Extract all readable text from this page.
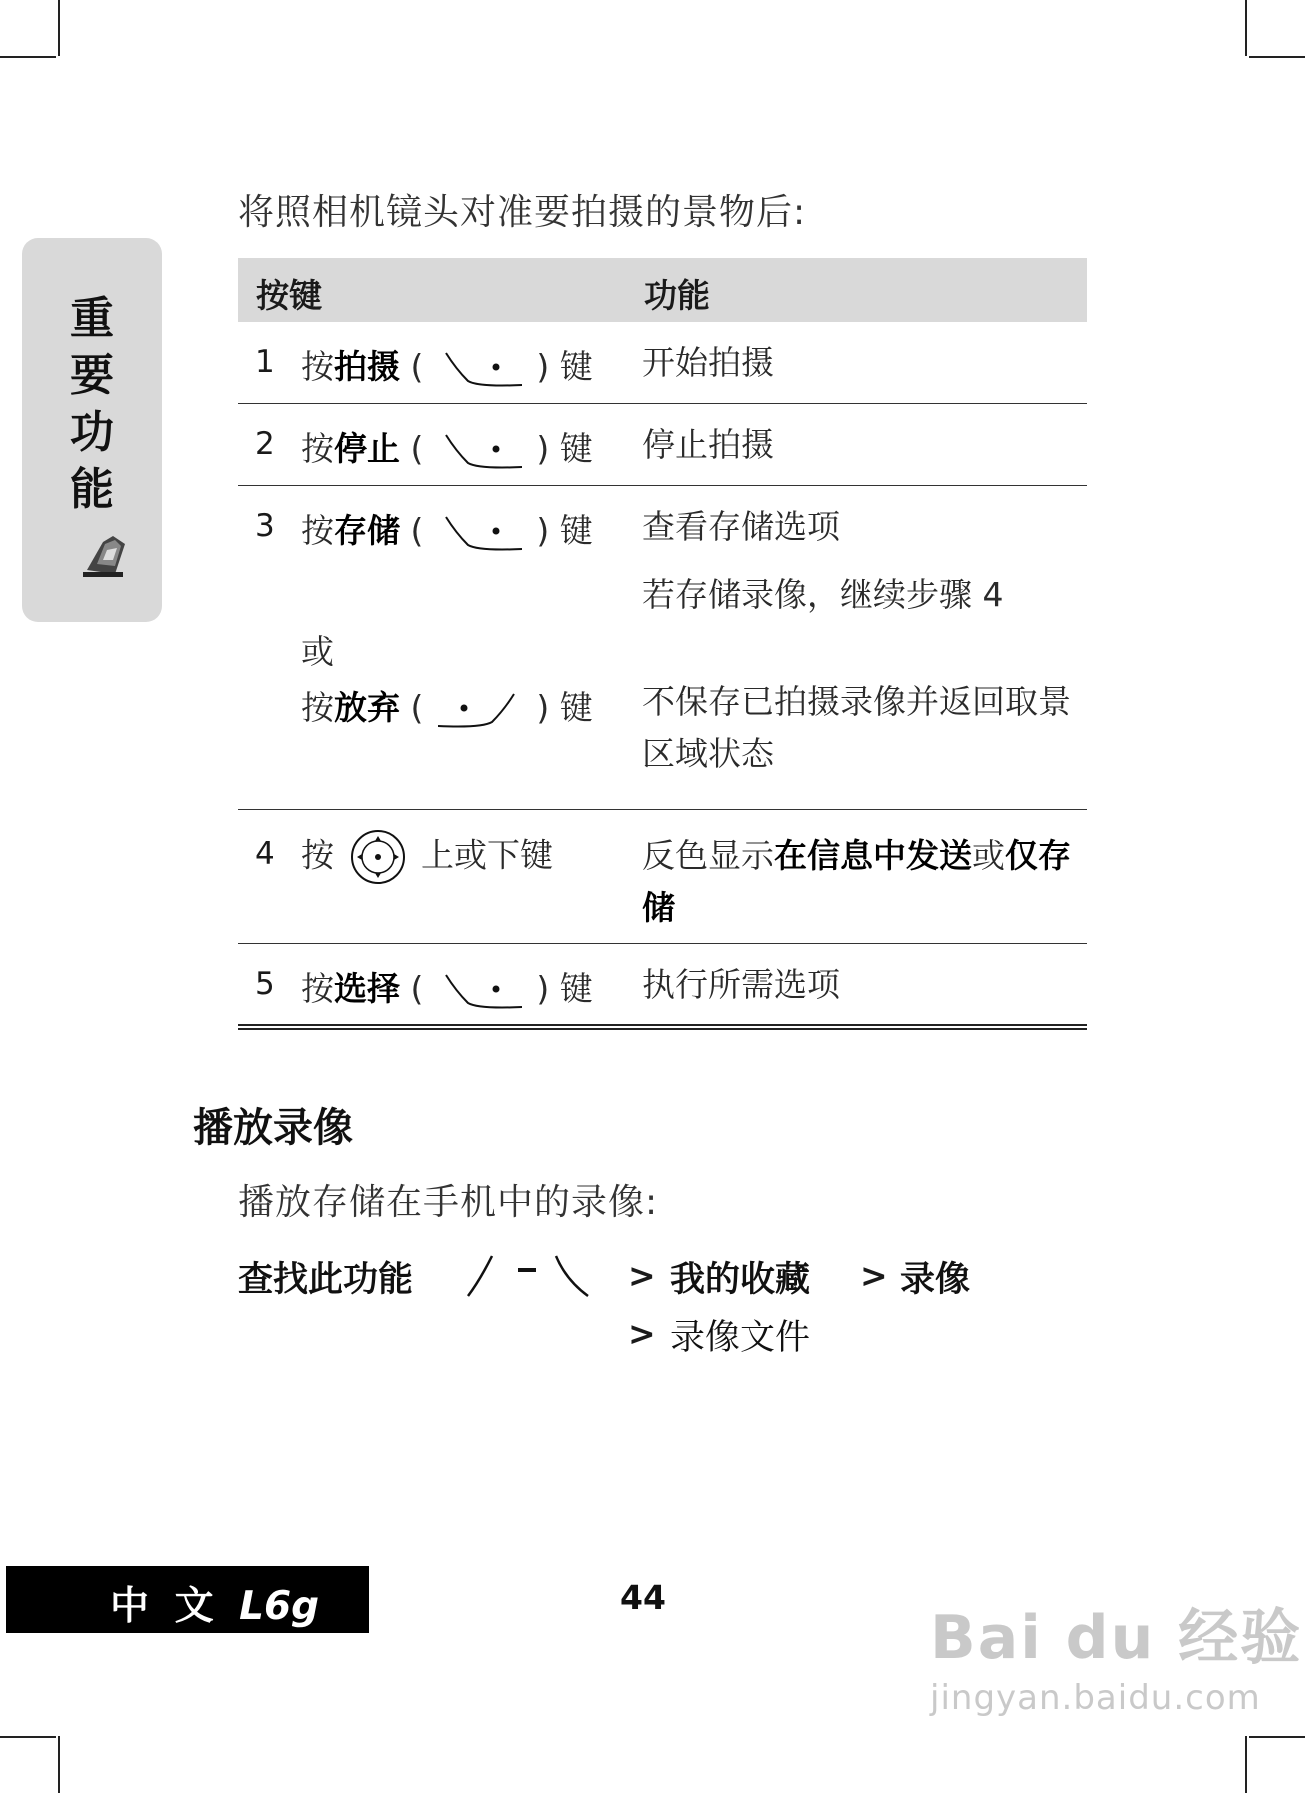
重
要
功
能
将照相机镜头对准要拍摄的景物后:
按键	功能
1 按拍摄 (	) 键 开始拍摄
2 按停止 (	) 键 停止拍摄
3 按存储 (	) 键 查看存储选项
若存储录像，继续步骤 4
或
按放弃 (	) 键 不保存已拍摄录像并返回取景区域状态
4 按	上或下键	反色显示在信息中发送或仅存储
5 按选择 (	) 键 执行所需选项
播放录像
播放存储在手机中的录像:
查找此功能	> 我的收藏 > 录像
> 录像文件
中 文 L6g	44
Bai du 经验
jingyan.baidu.com
